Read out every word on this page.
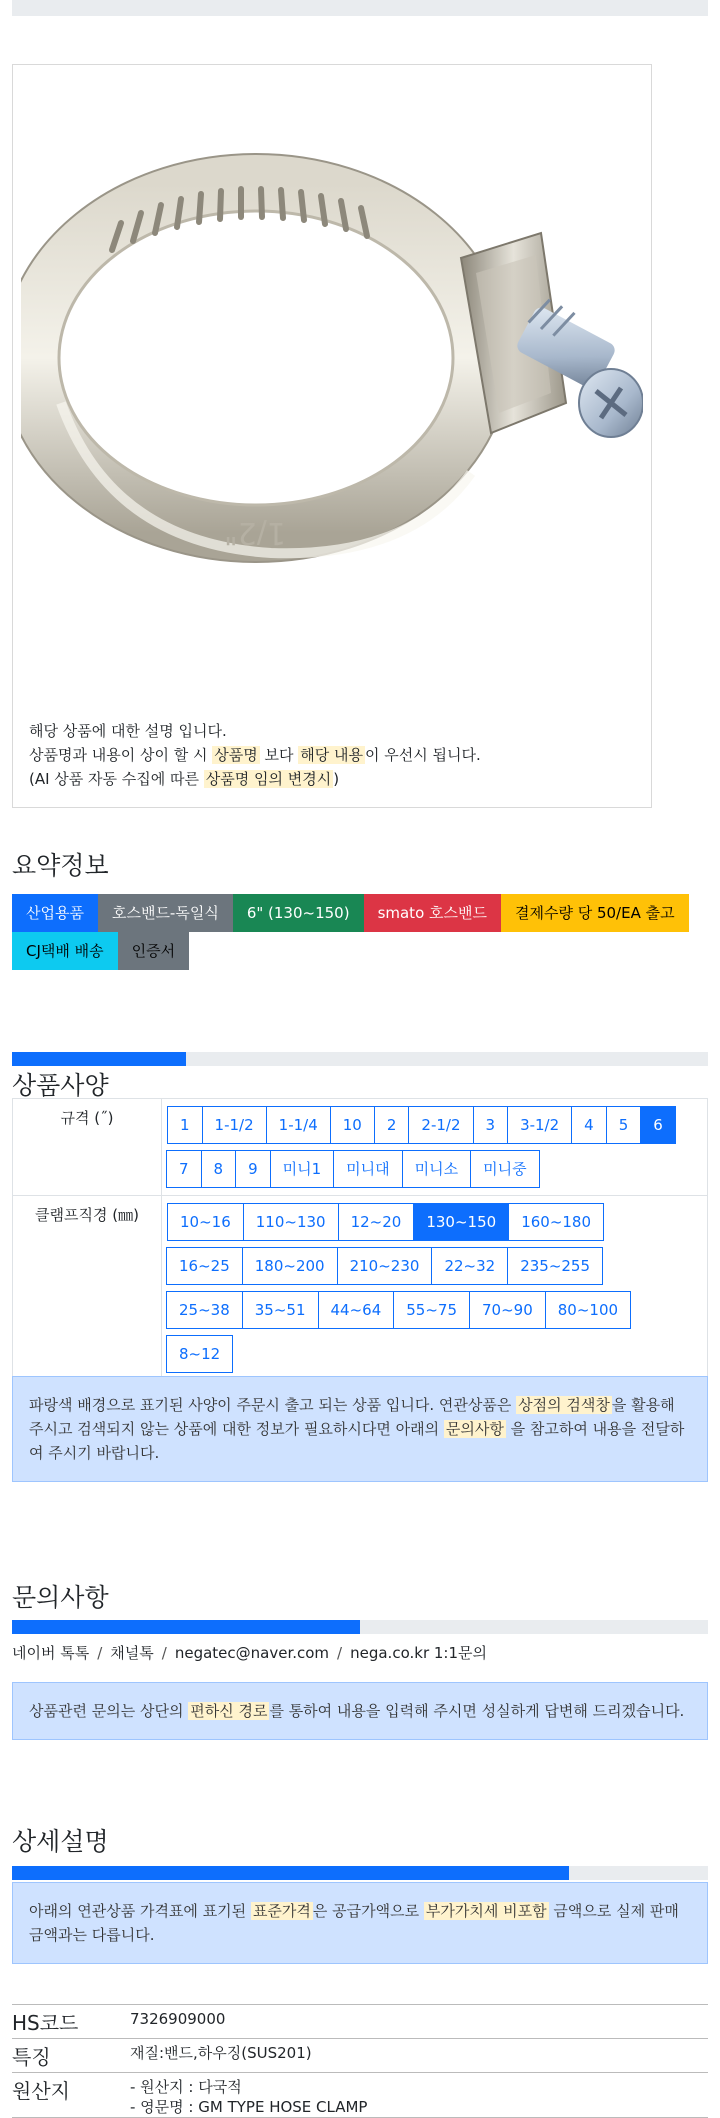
1/2"
해당 상품에 대한 설명 입니다.
상품명과 내용이 상이 할 시 상품명 보다 해당 내용 이 우선시 됩니다.
(AI 상품 자동 수집에 따른 상품명 임의 변경시 )
요약정보
산업용품	호스밴드-독일식	6" (130~150)	smato 호스밴드	결제수량 당 50/EA 출고
CJ택배 배송	인증서
상품사양
규격 (˝)	1	1-1/2	1-1/4	10	2	2-1/2	3	3-1/2	4	5	6
7	8	9	미니1	미니대	미니소	미니중
클램프직경 (㎜)	10~16	110~130	12~20	130~150	160~180
16~25	180~200	210~230	22~32	235~255
25~38	35~51	44~64	55~75	70~90	80~100
8~12
파랑색 배경으로 표기된 사양이 주문시 출고 되는 상품 입니다. 연관상품은 상점의 검색창 을 활용해 주시고 검색되지 않는 상품에 대한 정보가 필요하시다면 아래의 문의사항 을 참고하여 내용을 전달하여 주시기 바랍니다.
문의사항
네이버 톡톡 / 채널톡 / negatec@naver.com / nega.co.kr 1:1문의
상품관련 문의는 상단의 편하신 경로 를 통하여 내용을 입력해 주시면 성실하게 답변해 드리겠습니다.
상세설명
아래의 연관상품 가격표에 표기된 표준가격 은 공급가액으로 부가가치세 비포함 금액으로 실제 판매금액과는 다릅니다.
HS코드	7326909000
특징	재질:밴드,하우징(SUS201)
원산지	- 원산지 : 다국적
- 영문명 : GM TYPE HOSE CLAMP
